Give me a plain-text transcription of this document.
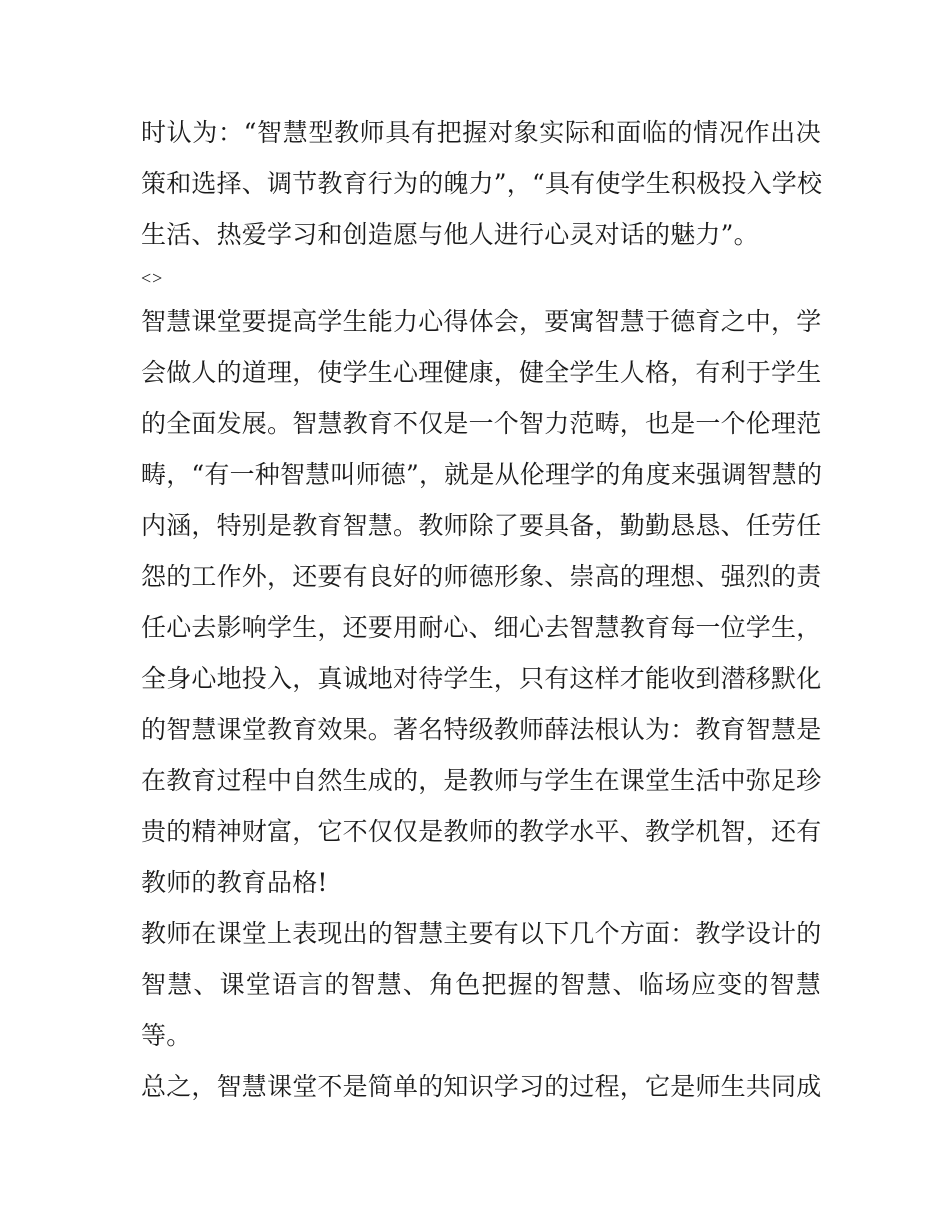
时认为：“智慧型教师具有把握对象实际和面临的情况作出决
策和选择、调节教育行为的魄力”，“具有使学生积极投入学校
生活、热爱学习和创造愿与他人进行心灵对话的魅力”。
<>
智慧课堂要提高学生能力心得体会，要寓智慧于德育之中，学
会做人的道理，使学生心理健康，健全学生人格，有利于学生
的全面发展。智慧教育不仅是一个智力范畴，也是一个伦理范
畴，“有一种智慧叫师德”，就是从伦理学的角度来强调智慧的
内涵，特别是教育智慧。教师除了要具备，勤勤恳恳、任劳任
怨的工作外，还要有良好的师德形象、崇高的理想、强烈的责
任心去影响学生，还要用耐心、细心去智慧教育每一位学生，
全身心地投入，真诚地对待学生，只有这样才能收到潜移默化
的智慧课堂教育效果。著名特级教师薛法根认为：教育智慧是
在教育过程中自然生成的，是教师与学生在课堂生活中弥足珍
贵的精神财富，它不仅仅是教师的教学水平、教学机智，还有
教师的教育品格!
教师在课堂上表现出的智慧主要有以下几个方面：教学设计的
智慧、课堂语言的智慧、角色把握的智慧、临场应变的智慧
等。
总之，智慧课堂不是简单的知识学习的过程，它是师生共同成
